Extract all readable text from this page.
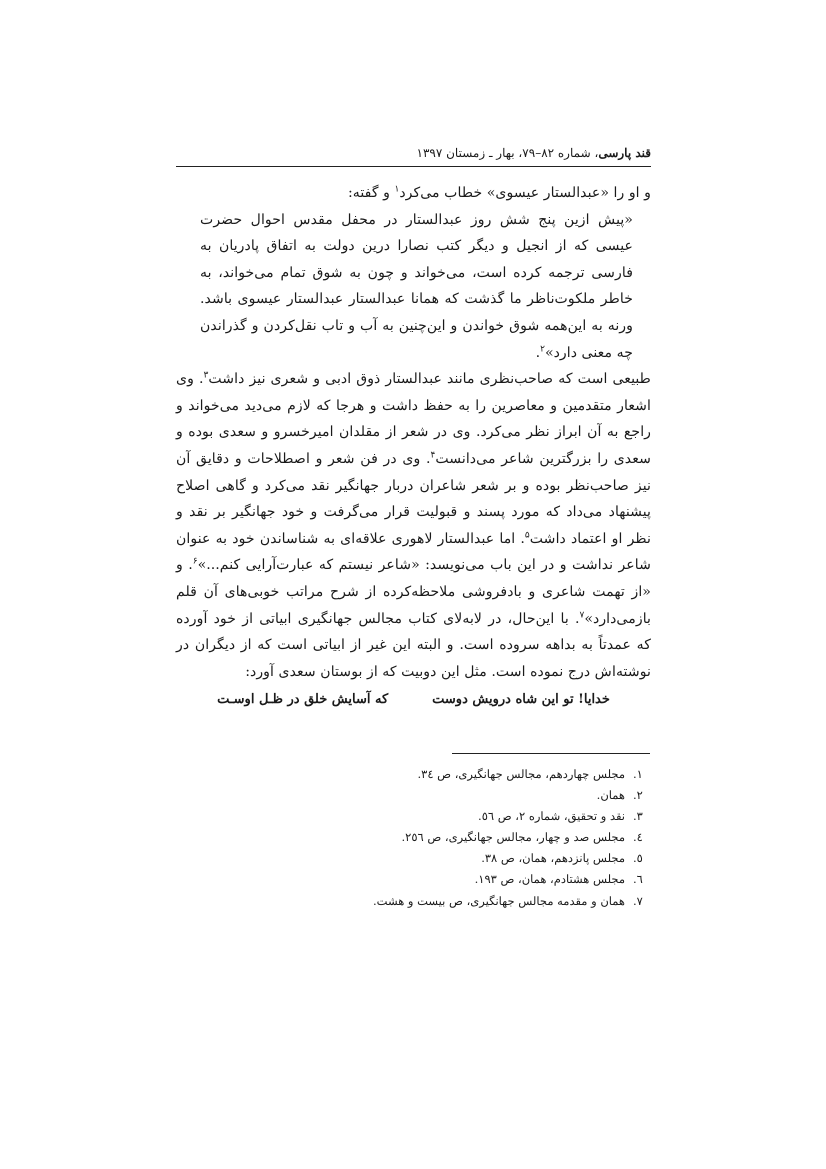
قند پارسی، شماره ۸۲–۷۹، بهار ـ زمستان ۱۳۹۷

و او را «عبدالستار عیسوی» خطاب می‌کرد$^۱$ و گفته:

«پیش ازین پنج شش روز عبدالستار در محفل مقدس احوال حضرت عیسی که از انجیل و دیگر کتب نصارا درین دولت به اتفاق پادریان به فارسی ترجمه کرده است، می‌خواند و چون به شوق تمام می‌خواند، به خاطر ملکوت‌ناظر ما گذشت که همانا عبدالستار عبدالستار عیسوی باشد. ورنه به این‌همه شوق خواندن و این‌چنین به آب و تاب نقل‌کردن و گذراندن چه معنی دارد»$^۲$.

طبیعی است که صاحب‌نظری مانند عبدالستار ذوق ادبی و شعری نیز داشت$^۳$. وی اشعار متقدمین و معاصرین را به حفظ داشت و هرجا که لازم می‌دید می‌خواند و راجع به آن ابراز نظر می‌کرد. وی در شعر از مقلدان امیرخسرو و سعدی بوده و سعدی را بزرگترین شاعر می‌دانست$^۴$. وی در فن شعر و اصطلاحات و دقایق آن نیز صاحب‌نظر بوده و بر شعر شاعران دربار جهانگیر نقد می‌کرد و گاهی اصلاح پیشنهاد می‌داد که مورد پسند و قبولیت قرار می‌گرفت و خود جهانگیر بر نقد و نظر او اعتماد داشت$^۵$. اما عبدالستار لاهوری علاقه‌ای به شناساندن خود به عنوان شاعر نداشت و در این باب می‌نویسد: «شاعر نیستم که عبارت‌آرایی کنم...»$^۶$. و «از تهمت شاعری و بادفروشی ملاحظه‌کرده از شرح مراتب خوبی‌های آن قلم بازمی‌دارد»$^۷$. با این‌حال، در لابه‌لای کتاب مجالس جهانگیری ابیاتی از خود آورده که عمدتاً به بداهه سروده است. و البته این غیر از ابیاتی است که از دیگران در نوشته‌اش درج نموده است. مثل این دوبیت که از بوستان سعدی آورد:

خدایا! تو این شاه درویش دوست
که آسایش خلق در ظـل اوسـت

۱.
مجلس چهاردهم، مجالس جهانگیری، ص ٣٤.
۲.
همان.
۳.
نقد و تحقیق، شماره ٢، ص ٥٦.
٤.
مجلس صد و چهار، مجالس جهانگیری، ص ٢٥٦.
٥.
مجلس پانزدهم، همان، ص ٣٨.
٦.
مجلس هشتادم، همان، ص ١٩٣.
۷.
همان و مقدمه مجالس جهانگیری، ص بیست و هشت.
